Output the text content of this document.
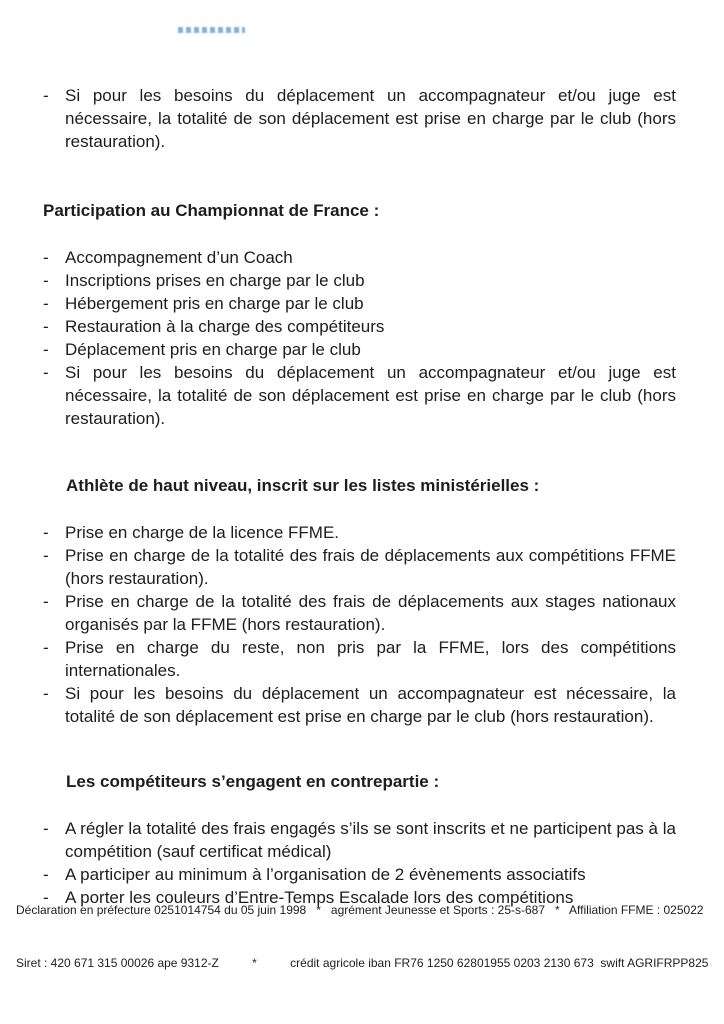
- Si pour les besoins du déplacement un accompagnateur et/ou juge est nécessaire, la totalité de son déplacement est prise en charge par le club (hors restauration).
Participation au Championnat de France :
- Accompagnement d’un Coach
- Inscriptions prises en charge par le club
- Hébergement pris en charge par le club
- Restauration à la charge des compétiteurs
- Déplacement pris en charge par le club
- Si pour les besoins du déplacement un accompagnateur et/ou juge est nécessaire, la totalité de son déplacement est prise en charge par le club (hors restauration).
Athlète de haut niveau, inscrit sur les listes ministérielles :
- Prise en charge de la licence FFME.
- Prise en charge de la totalité des frais de déplacements aux compétitions FFME (hors restauration).
- Prise en charge de la totalité des frais de déplacements aux stages nationaux organisés par la FFME (hors restauration).
- Prise en charge du reste, non pris par la FFME, lors des compétitions internationales.
- Si pour les besoins du déplacement un accompagnateur est nécessaire, la totalité de son déplacement est prise en charge par le club (hors restauration).
Les compétiteurs s’engagent en contrepartie :
- A régler la totalité des frais engagés s’ils se sont inscrits et ne participent pas à la compétition (sauf certificat médical)
- A participer au minimum à l’organisation de 2 évènements associatifs
- A porter les couleurs d’Entre-Temps Escalade lors des compétitions

Déclaration en préfecture 0251014754 du 05 juin 1998   *   agrément Jeunesse et Sports : 25-s-687   *   Affiliation FFME : 025022

Siret : 420 671 315 00026 ape 9312-Z          *          crédit agricole iban FR76 1250 62801955 0203 2130 673  swift AGRIFRPP825
